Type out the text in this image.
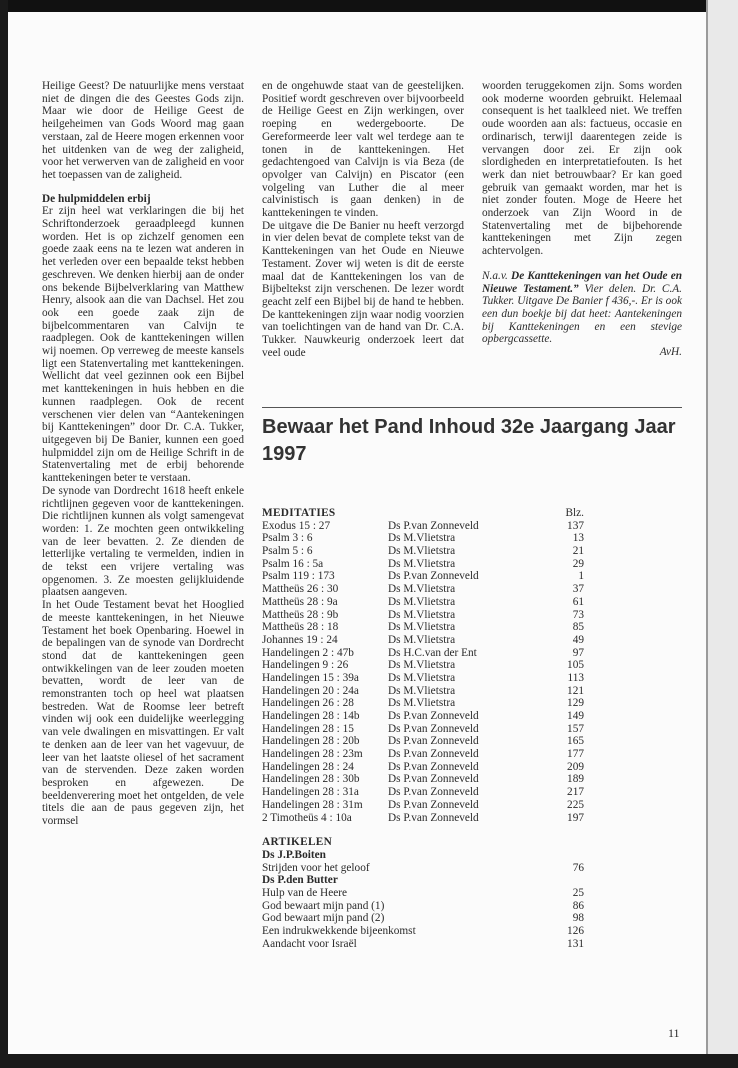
Heilige Geest? De natuurlijke mens verstaat niet de dingen die des Geestes Gods zijn. Maar wie door de Heilige Geest de heilgeheimen van Gods Woord mag gaan verstaan, zal de Heere mogen erkennen voor het uitdenken van de weg der zaligheid, voor het verwerven van de zaligheid en voor het toepassen van de zaligheid.

De hulpmiddelen erbij

Er zijn heel wat verklaringen die bij het Schriftonderzoek geraadpleegd kunnen worden. Het is op zichzelf genomen een goede zaak eens na te lezen wat anderen in het verleden over een bepaalde tekst hebben geschreven. We denken hierbij aan de onder ons bekende Bijbelverklaring van Matthew Henry, alsook aan die van Dachsel. Het zou ook een goede zaak zijn de bijbelcommentaren van Calvijn te raadplegen. Ook de kanttekeningen willen wij noemen. Op verreweg de meeste kansels ligt een Statenvertaling met kanttekeningen. Wellicht dat veel gezinnen ook een Bijbel met kanttekeningen in huis hebben en die kunnen raadplegen. Ook de recent verschenen vier delen van “Aantekeningen bij Kanttekeningen” door Dr. C.A. Tukker, uitgegeven bij De Banier, kunnen een goed hulpmiddel zijn om de Heilige Schrift in de Statenvertaling met de erbij behorende kanttekeningen beter te verstaan.

De synode van Dordrecht 1618 heeft enkele richtlijnen gegeven voor de kanttekeningen. Die richtlijnen kunnen als volgt samengevat worden: 1. Ze mochten geen ontwikkeling van de leer bevatten. 2. Ze dienden de letterlijke vertaling te vermelden, indien in de tekst een vrijere vertaling was opgenomen. 3. Ze moesten gelijkluidende plaatsen aangeven.

In het Oude Testament bevat het Hooglied de meeste kanttekeningen, in het Nieuwe Testament het boek Openbaring. Hoewel in de bepalingen van de synode van Dordrecht stond dat de kanttekeningen geen ontwikkelingen van de leer zouden moeten bevatten, wordt de leer van de remonstranten toch op heel wat plaatsen bestreden. Wat de Roomse leer betreft vinden wij ook een duidelijke weerlegging van vele dwalingen en misvattingen. Er valt te denken aan de leer van het vagevuur, de leer van het laatste oliesel of het sacrament van de stervenden. Deze zaken worden besproken en afgewezen. De beeldenverering moet het ontgelden, de vele titels die aan de paus gegeven zijn, het vormsel

en de ongehuwde staat van de geestelijken. Positief wordt geschreven over bijvoorbeeld de Heilige Geest en Zijn werkingen, over roeping en wedergeboorte. De Gereformeerde leer valt wel terdege aan te tonen in de kanttekeningen. Het gedachtengoed van Calvijn is via Beza (de opvolger van Calvijn) en Piscator (een volgeling van Luther die al meer calvinistisch is gaan denken) in de kanttekeningen te vinden.

De uitgave die De Banier nu heeft verzorgd in vier delen bevat de complete tekst van de Kanttekeningen van het Oude en Nieuwe Testament. Zover wij weten is dit de eerste maal dat de Kanttekeningen los van de Bijbeltekst zijn verschenen. De lezer wordt geacht zelf een Bijbel bij de hand te hebben. De kanttekeningen zijn waar nodig voorzien van toelichtingen van de hand van Dr. C.A. Tukker. Nauwkeurig onderzoek leert dat veel oude

woorden teruggekomen zijn. Soms worden ook moderne woorden gebruikt. Helemaal consequent is het taalkleed niet. We treffen oude woorden aan als: factueus, occasie en ordinarisch, terwijl daarentegen zeide is vervangen door zei. Er zijn ook slordigheden en interpretatiefouten. Is het werk dan niet betrouwbaar? Er kan goed gebruik van gemaakt worden, mar het is niet zonder fouten. Moge de Heere het onderzoek van Zijn Woord in de Statenvertaling met de bijbehorende kanttekeningen met Zijn zegen achtervolgen.

N.a.v. De Kanttekeningen van het Oude en Nieuwe Testament.” Vier delen. Dr. C.A. Tukker. Uitgave De Banier f 436,-. Er is ook een dun boekje bij dat heet: Aantekeningen bij Kanttekeningen en een stevige opbergcassette.

AvH.

Bewaar het Pand Inhoud 32e Jaargang Jaar 1997
MEDITATIES	Blz.
Exodus 15 : 27	Ds P.van Zonneveld	137
Psalm 3 : 6	Ds M.Vlietstra	13
Psalm 5 : 6	Ds M.Vlietstra	21
Psalm 16 : 5a	Ds M.Vlietstra	29
Psalm 119 : 173	Ds P.van Zonneveld	1
Mattheüs 26 : 30	Ds M.Vlietstra	37
Mattheüs 28 : 9a	Ds M.Vlietstra	61
Mattheüs 28 : 9b	Ds M.Vlietstra	73
Mattheüs 28 : 18	Ds M.Vlietstra	85
Johannes 19 : 24	Ds M.Vlietstra	49
Handelingen 2 : 47b	Ds H.C.van der Ent	97
Handelingen 9 : 26	Ds M.Vlietstra	105
Handelingen 15 : 39a	Ds M.Vlietstra	113
Handelingen 20 : 24a	Ds M.Vlietstra	121
Handelingen 26 : 28	Ds M.Vlietstra	129
Handelingen 28 : 14b	Ds P.van Zonneveld	149
Handelingen 28 : 15	Ds P.van Zonneveld	157
Handelingen 28 : 20b	Ds P.van Zonneveld	165
Handelingen 28 : 23m Ds P.van Zonneveld	177
Handelingen 28 : 24	Ds P.van Zonneveld	209
Handelingen 28 : 30b	Ds P.van Zonneveld	189
Handelingen 28 : 31a	Ds P.van Zonneveld	217
Handelingen 28 : 31m Ds P.van Zonneveld	225
2 Timotheüs 4 : 10a	Ds P.van Zonneveld	197
ARTIKELEN
Ds J.P.Boiten
Strijden voor het geloof	76
Ds P.den Butter
Hulp van de Heere	25
God bewaart mijn pand (1)	86
God bewaart mijn pand (2)	98
Een indrukwekkende bijeenkomst	126
Aandacht voor Israël	131
11
